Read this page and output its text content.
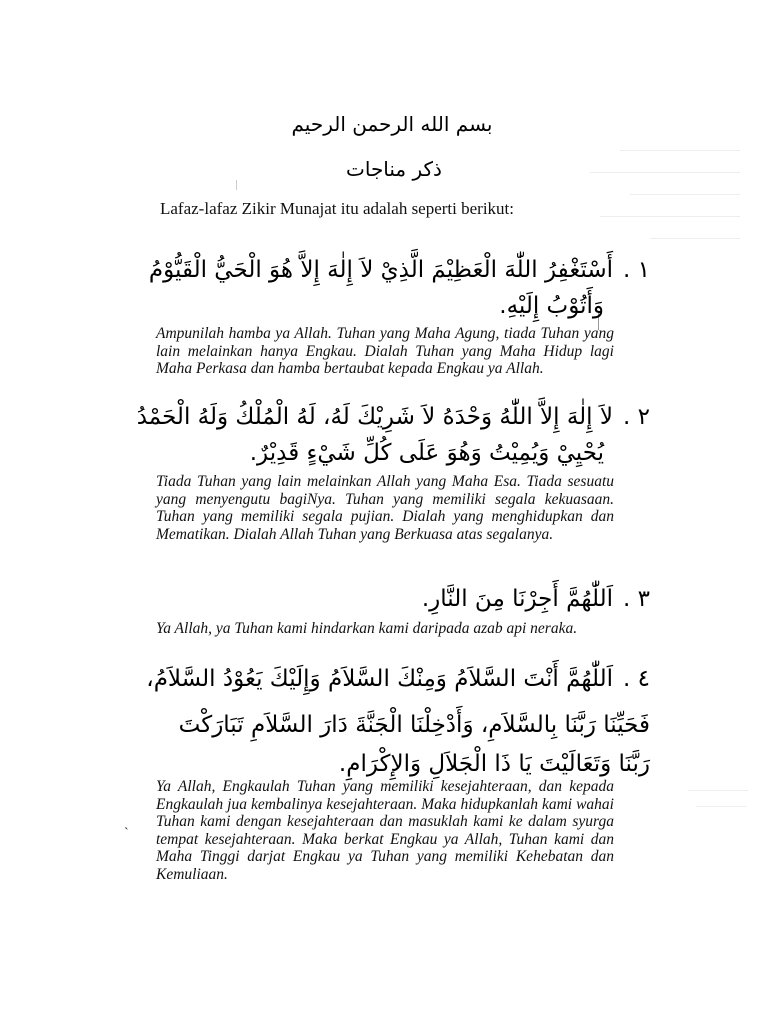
بسم الله الرحمن الرحيم
ذكر مناجات
Lafaz-lafaz Zikir Munajat itu adalah seperti berikut:
١ .أَسْتَغْفِرُ اللّٰهَ الْعَظِيْمَ الَّذِيْ لاَ إِلٰهَ إِلاَّ هُوَ الْحَيُّ الْقَيُّوْمُ
وَأَتُوْبُ إِلَيْهِ.
Ampunilah hamba ya Allah. Tuhan yang Maha Agung, tiada Tuhan yang lain melainkan hanya Engkau. Dialah Tuhan yang Maha Hidup lagi Maha Perkasa dan hamba bertaubat kepada Engkau ya Allah.
٢ .لاَ إِلٰهَ إِلاَّ اللّٰهُ وَحْدَهُ لاَ شَرِيْكَ لَهُ، لَهُ الْمُلْكُ وَلَهُ الْحَمْدُ
يُحْيِيْ وَيُمِيْتُ وَهُوَ عَلَى كُلِّ شَيْءٍ قَدِيْرٌ.
Tiada Tuhan yang lain melainkan Allah yang Maha Esa. Tiada sesuatu yang menyengutu bagiNya. Tuhan yang memiliki segala kekuasaan. Tuhan yang memiliki segala pujian. Dialah yang menghidupkan dan Mematikan. Dialah Allah Tuhan yang Berkuasa atas segalanya.
٣ .اَللّٰهُمَّ أَجِرْنَا مِنَ النَّارِ.
Ya Allah, ya Tuhan kami hindarkan kami daripada azab api neraka.
٤ .اَللّٰهُمَّ أَنْتَ السَّلاَمُ وَمِنْكَ السَّلاَمُ وَإِلَيْكَ يَعُوْدُ السَّلاَمُ،
فَحَيِّنَا رَبَّنَا بِالسَّلاَمِ، وَأَدْخِلْنَا الْجَنَّةَ دَارَ السَّلاَمِ تَبَارَكْتَ
رَبَّنَا وَتَعَالَيْتَ يَا ذَا الْجَلاَلِ وَالإِكْرَامِ.
Ya Allah, Engkaulah Tuhan yang memiliki kesejahteraan, dan kepada Engkaulah jua kembalinya kesejahteraan. Maka hidupkanlah kami wahai Tuhan kami dengan kesejahteraan dan masuklah kami ke dalam syurga tempat kesejahteraan. Maka berkat Engkau ya Allah, Tuhan kami dan Maha Tinggi darjat Engkau ya Tuhan yang memiliki Kehebatan dan Kemuliaan.
`
